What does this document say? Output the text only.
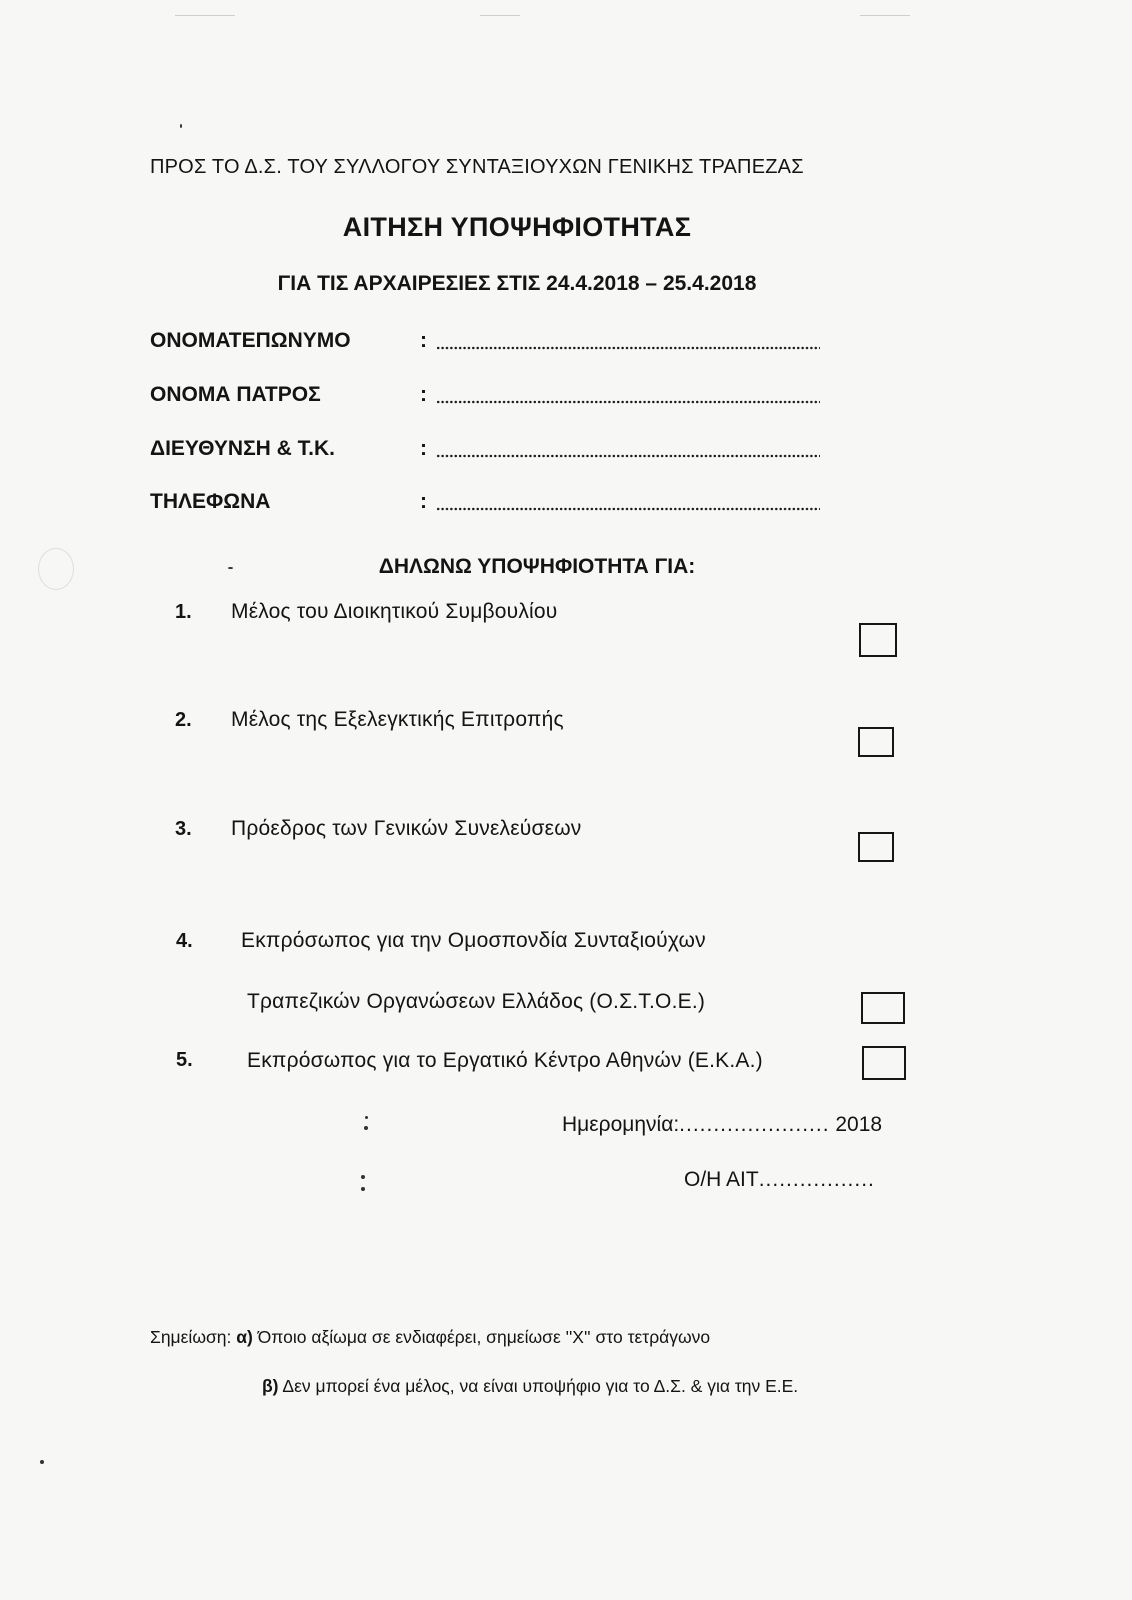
ΠΡΟΣ ΤΟ Δ.Σ. ΤΟΥ ΣΥΛΛΟΓΟΥ ΣΥΝΤΑΞΙΟΥΧΩΝ ΓΕΝΙΚΗΣ ΤΡΑΠΕΖΑΣ
ΑΙΤΗΣΗ ΥΠΟΨΗΦΙΟΤΗΤΑΣ
ΓΙΑ ΤΙΣ ΑΡΧΑΙΡΕΣΙΕΣ ΣΤΙΣ 24.4.2018 – 25.4.2018
ΟΝΟΜΑΤΕΠΩΝΥΜΟ	:
ΟΝΟΜΑ ΠΑΤΡΟΣ	:
ΔΙΕΥΘΥΝΣΗ & Τ.Κ.	:
ΤΗΛΕΦΩΝΑ	:
ΔΗΛΩΝΩ ΥΠΟΨΗΦΙΟΤΗΤΑ ΓΙΑ:
1. Μέλος του Διοικητικού Συμβουλίου
2. Μέλος της Εξελεγκτικής Επιτροπής
3. Πρόεδρος των Γενικών Συνελεύσεων
4. Εκπρόσωπος για την Ομοσπονδία Συνταξιούχων
Τραπεζικών Οργανώσεων Ελλάδος (Ο.Σ.Τ.Ο.Ε.)
5.	Εκπρόσωπος για το Εργατικό Κέντρο Αθηνών (Ε.Κ.Α.)
Ημερομηνία:...................... 2018
Ο/Η ΑΙΤ.................
Σημείωση: α) Όποιο αξίωμα σε ενδιαφέρει, σημείωσε ''Χ'' στο τετράγωνο
β) Δεν μπορεί ένα μέλος, να είναι υποψήφιο για το Δ.Σ. & για την Ε.Ε.
